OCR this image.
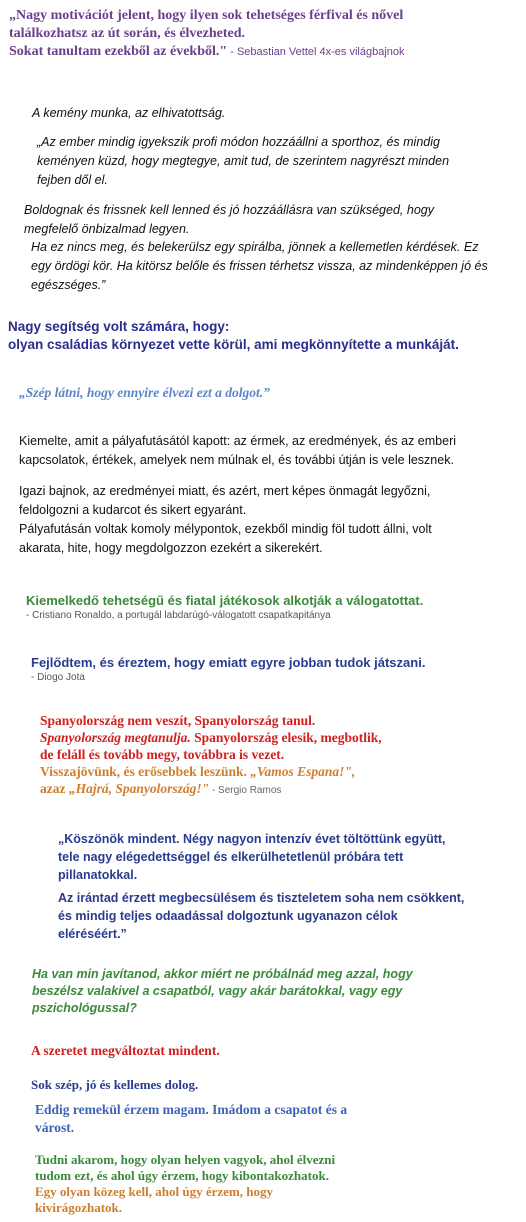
„Nagy motivációt jelent, hogy ilyen sok tehetséges férfival és nővel
találkozhatsz az út során, és élvezheted.
Sokat tanultam ezekből az évekből." - Sebastian Vettel 4x-es világbajnok
A kemény munka, az elhivatottság.
„Az ember mindig igyekszik profi módon hozzáállni a sporthoz, és mindig
keményen küzd, hogy megtegye, amit tud, de szerintem nagyrészt minden
fejben dől el.
Boldognak és frissnek kell lenned és jó hozzáállásra van szükséged, hogy
megfelelő önbizalmad legyen.
Ha ez nincs meg, és belekerülsz egy spirálba, jönnek a kellemetlen kérdések. Ez
egy ördögi kör. Ha kitörsz belőle és frissen térhetsz vissza, az mindenképpen jó és
egészséges.”
Nagy segítség volt számára, hogy:
olyan családias környezet vette körül, ami megkönnyítette a munkáját.
„Szép látni, hogy ennyire élvezi ezt a dolgot.”
Kiemelte, amit a pályafutásától kapott: az érmek, az eredmények, és az emberi
kapcsolatok, értékek, amelyek nem múlnak el, és további útján is vele lesznek.
Igazi bajnok, az eredményei miatt, és azért, mert képes önmagát legyőzni,
feldolgozni a kudarcot és sikert egyaránt.
Pályafutásán voltak komoly mélypontok, ezekből mindig föl tudott állni, volt
akarata, hite, hogy megdolgozzon ezekért a sikerekért.
Kiemelkedő tehetségű és fiatal játékosok alkotják a válogatottat.
- Cristiano Ronaldo, a portugál labdarúgó-válogatott csapatkapitánya
Fejlődtem, és éreztem, hogy emiatt egyre jobban tudok játszani.
- Diogo Jota
Spanyolország nem veszít, Spanyolország tanul.
Spanyolország megtanulja. Spanyolország elesik, megbotlik,
de feláll és tovább megy, továbbra is vezet.
Visszajövünk, és erősebbek leszünk. „Vamos Espana!",
azaz „Hajrá, Spanyolország!" - Sergio Ramos
„Köszönök mindent. Négy nagyon intenzív évet töltöttünk együtt,
tele nagy elégedettséggel és elkerülhetetlenül próbára tett
pillanatokkal.
Az irántad érzett megbecsülésem és tiszteletem soha nem csökkent,
és mindig teljes odaadással dolgoztunk ugyanazon célok
eléréséért.”
Ha van min javítanod, akkor miért ne próbálnád meg azzal, hogy
beszélsz valakivel a csapatból, vagy akár barátokkal, vagy egy
pszichológussal?
A szeretet megváltoztat mindent.
Sok szép, jó és kellemes dolog.
Eddig remekül érzem magam. Imádom a csapatot és a
várost.
Tudni akarom, hogy olyan helyen vagyok, ahol élvezni
tudom ezt, és ahol úgy érzem, hogy kibontakozhatok.
Egy olyan közeg kell, ahol úgy érzem, hogy
kivirágozhatok.
